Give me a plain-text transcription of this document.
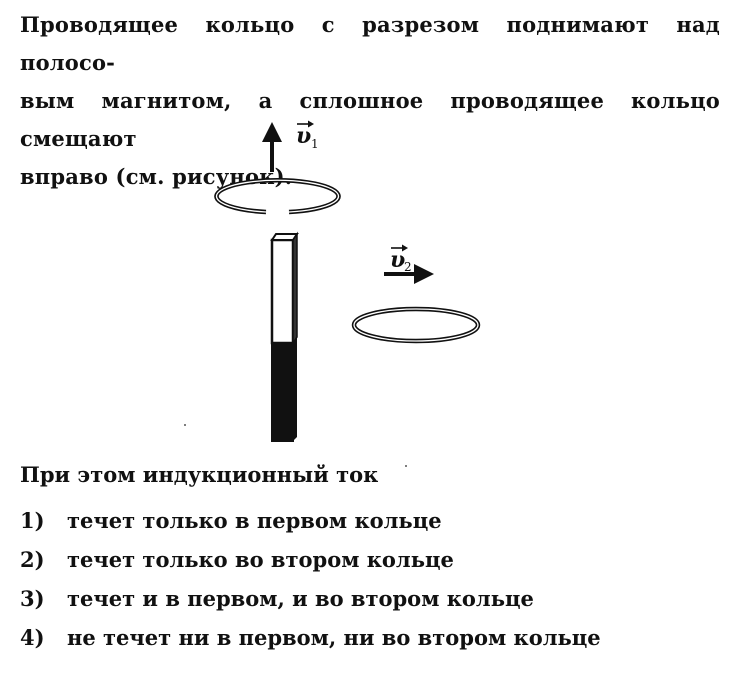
Проводящее кольцо с разрезом поднимают над полосо-
вым магнитом, а сплошное проводящее кольцо смещают
вправо (см. рисунок).
υ 1
υ
2
При этом индукционный ток
1)	течет только в первом кольце
2)	течет только во втором кольце
3)	течет и в первом, и во втором кольце
4)	не течет ни в первом, ни во втором кольце
